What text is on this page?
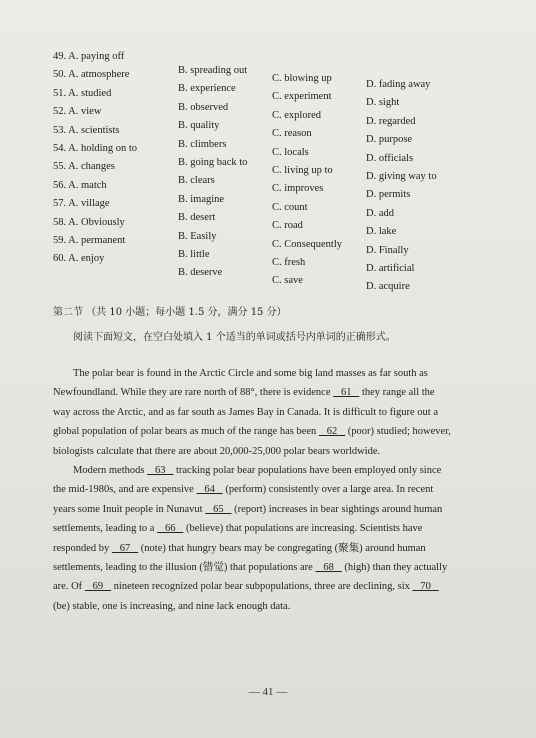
49. A. paying off
50. A. atmosphere
51. A. studied
52. A. view
53. A. scientists
54. A. holding on to
55. A. changes
56. A. match
57. A. village
58. A. Obviously
59. A. permanent
60. A. enjoy
B. spreading out
B. experience
B. observed
B. quality
B. climbers
B. going back to
B. clears
B. imagine
B. desert
B. Easily
B. little
B. deserve
C. blowing up
C. experiment
C. explored
C. reason
C. locals
C. living up to
C. improves
C. count
C. road
C. Consequently
C. fresh
C. save
D. fading away
D. sight
D. regarded
D. purpose
D. officials
D. giving way to
D. permits
D. add
D. lake
D. Finally
D. artificial
D. acquire
第二节 （共 10 小题；每小题 1.5 分，满分 15 分）
阅读下面短文，在空白处填入 1 个适当的单词或括号内单词的正确形式。

The polar bear is found in the Arctic Circle and some big land masses as far south as Newfoundland. While they are rare north of 88°, there is evidence    61    they range all the way across the Arctic, and as far south as James Bay in Canada. It is difficult to figure out a global population of polar bears as much of the range has been    62    (poor) studied; however, biologists calculate that there are about 20,000-25,000 polar bears worldwide.

Modern methods    63    tracking polar bear populations have been employed only since the mid-1980s, and are expensive    64    (perform) consistently over a large area. In recent years some Inuit people in Nunavut    65    (report) increases in bear sightings around human settlements, leading to a    66    (believe) that populations are increasing. Scientists have responded by    67    (note) that hungry bears may be congregating (聚集) around human settlements, leading to the illusion (错觉) that populations are    68    (high) than they actually are. Of    69    nineteen recognized polar bear subpopulations, three are declining, six    70    (be) stable, one is increasing, and nine lack enough data.

— 41 —
